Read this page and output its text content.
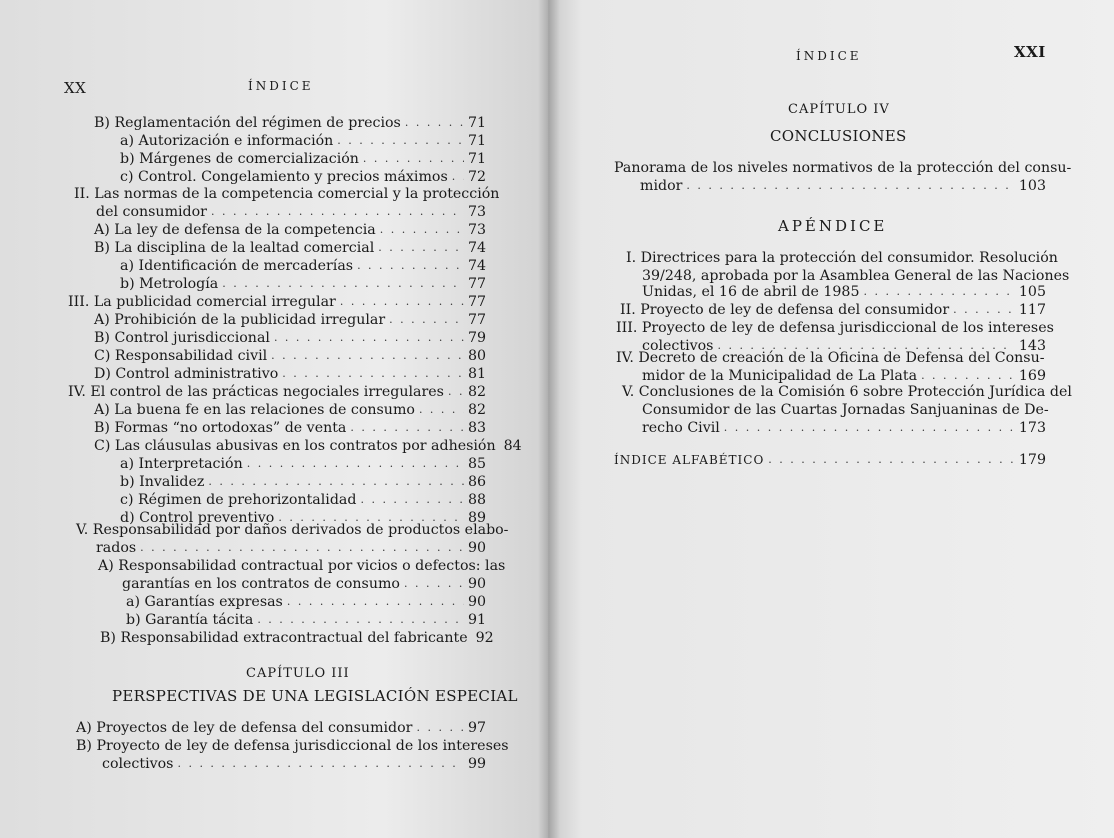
XX	ÍNDICE
B) Reglamentación del régimen de precios . . .	71
a) Autorización e información . . .	71
b) Márgenes de comercialización . . .	71
c) Control. Congelamiento y precios máximos . . . 72
II. Las normas de la competencia comercial y la protección
del consumidor . . .	73
A) La ley de defensa de la competencia . . .	73
B) La disciplina de la lealtad comercial . . .	74
a) Identificación de mercaderías . . .	74
b) Metrología . . .	77
III. La publicidad comercial irregular . . .	77
A) Prohibición de la publicidad irregular . . .	77
B) Control jurisdiccional . . .	79
C) Responsabilidad civil . . .	80
D) Control administrativo . . .	81
IV. El control de las prácticas negociales irregulares . . . 82
A) La buena fe en las relaciones de consumo . . .	82
B) Formas “no ortodoxas” de venta . . .	83
C) Las cláusulas abusivas en los contratos por adhesión 84
a) Interpretación . . .	85
b) Invalidez . . .	86
c) Régimen de prehorizontalidad . . .	88
d) Control preventivo . . .	89
V. Responsabilidad por daños derivados de productos elabo-
rados . . .	90
A) Responsabilidad contractual por vicios o defectos: las
garantías en los contratos de consumo . . .	90
a) Garantías expresas . . .	90
b) Garantía tácita . . .	91
B) Responsabilidad extracontractual del fabricante 92
CAPÍTULO III
PERSPECTIVAS DE UNA LEGISLACIÓN ESPECIAL
A) Proyectos de ley de defensa del consumidor . . .	97
B) Proyecto de ley de defensa jurisdiccional de los intereses
colectivos . . .	99
ÍNDICE	XXI
CAPÍTULO IV
CONCLUSIONES
Panorama de los niveles normativos de la protección del consu-
midor . . .	103
APÉNDICE
I. Directrices para la protección del consumidor. Resolución
39/248, aprobada por la Asamblea General de las Naciones
Unidas, el 16 de abril de 1985 . . .	105
II. Proyecto de ley de defensa del consumidor . . .	117
III. Proyecto de ley de defensa jurisdiccional de los intereses
colectivos . . .	143
IV. Decreto de creación de la Oficina de Defensa del Consu-
midor de la Municipalidad de La Plata . . .	169
V. Conclusiones de la Comisión 6 sobre Protección Jurídica del
Consumidor de las Cuartas Jornadas Sanjuaninas de De-
recho Civil . . .	173
ÍNDICE ALFABÉTICO . . .	179
